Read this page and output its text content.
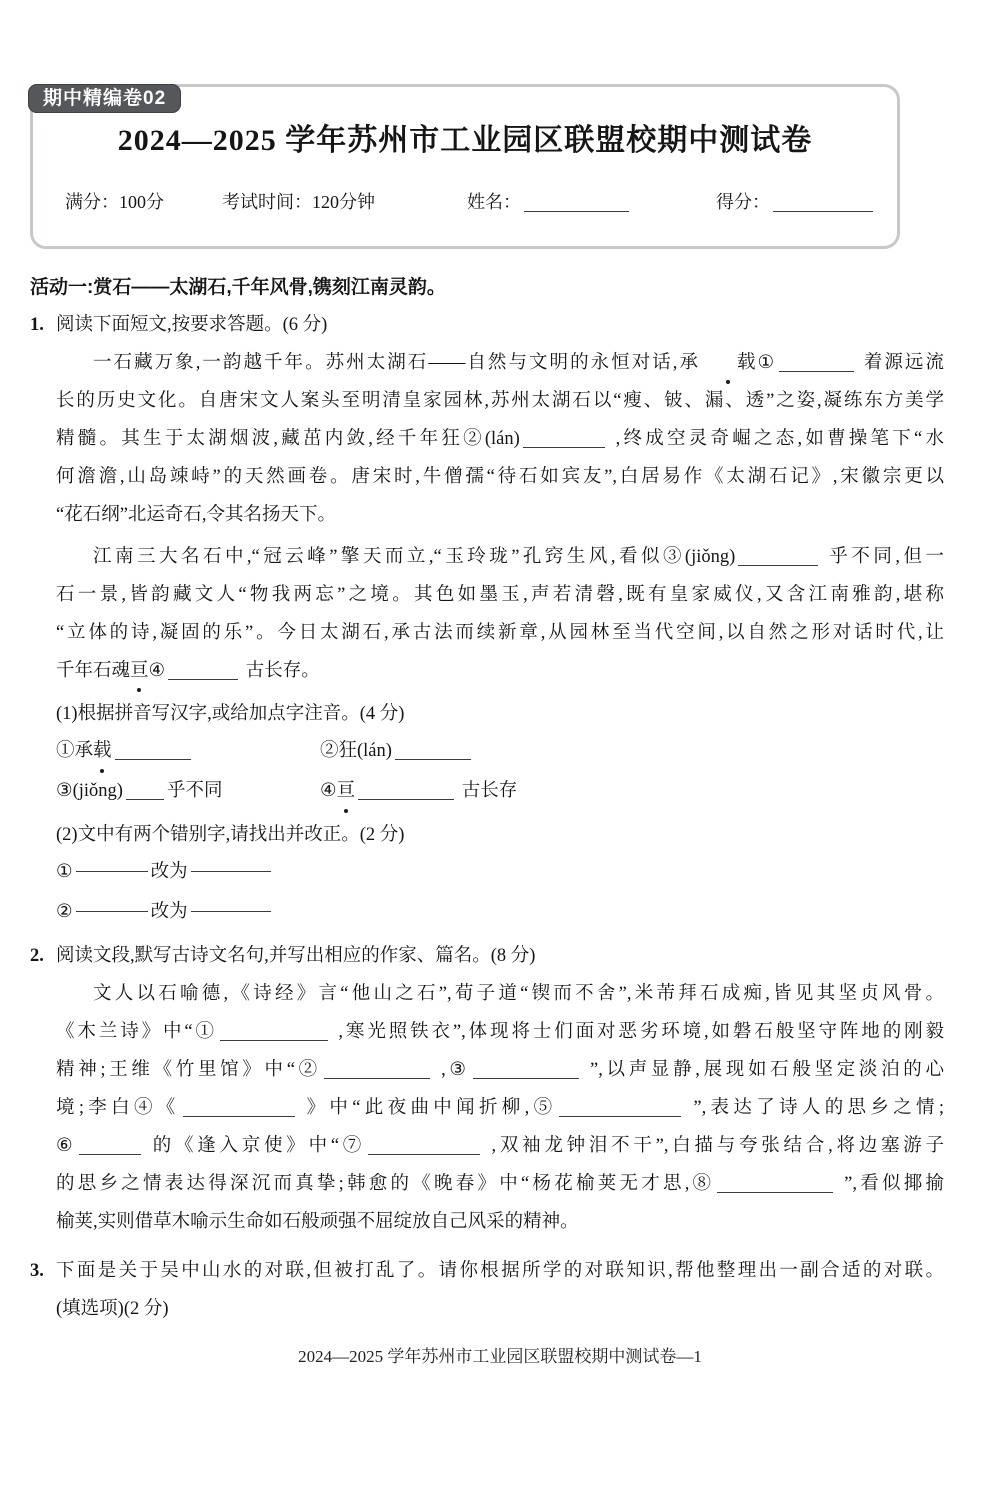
期中精编卷02
2024—2025 学年苏州市工业园区联盟校期中测试卷
满分：100分	考试时间：120分钟	姓名：	得分：
活动一:赏石——太湖石,千年风骨,镌刻江南灵韵。
1. 阅读下面短文,按要求答题。(6 分)
一石藏万象,一韵越千年。苏州太湖石——自然与文明的永恒对话,承 载①	着源远流
长的历史文化。自唐宋文人案头至明清皇家园林,苏州太湖石以“瘦、铍、漏、透”之姿,凝练东方美学
精髓。其生于太湖烟波,藏茁内敛,经千年狂②(lán)	,终成空灵奇崛之态,如曹操笔下“水
何澹澹,山岛竦峙”的天然画卷。唐宋时,牛僧孺“待石如宾友”,白居易作《太湖石记》,宋徽宗更以
“花石纲”北运奇石,令其名扬天下。
江南三大名石中,“冠云峰”擎天而立,“玉玲珑”孔窍生风,看似③(jiǒng)	乎不同,但一
石一景,皆韵藏文人“物我两忘”之境。其色如墨玉,声若清磬,既有皇家威仪,又含江南雅韵,堪称
“立体的诗,凝固的乐”。今日太湖石,承古法而续新章,从园林至当代空间,以自然之形对话时代,让
千年石魂亘④	古长存。
(1)根据拼音写汉字,或给加点字注音。(4 分)
①承载	②狂(lán)
③(jiǒng) 乎不同	④亘	古长存
(2)文中有两个错别字,请找出并改正。(2 分)
①	改为
②	改为
2. 阅读文段,默写古诗文名句,并写出相应的作家、篇名。(8 分)
文人以石喻德,《诗经》言“他山之石”,荀子道“锲而不舍”,米芾拜石成痴,皆见其坚贞风骨。
《木兰诗》中“①	,寒光照铁衣”,体现将士们面对恶劣环境,如磐石般坚守阵地的刚毅
精神;王维《竹里馆》中“②	,③	”,以声显静,展现如石般坚定淡泊的心
境;李白④《	》中“此夜曲中闻折柳,⑤	”,表达了诗人的思乡之情;
⑥	的《逢入京使》中“⑦	,双袖龙钟泪不干”,白描与夸张结合,将边塞游子
的思乡之情表达得深沉而真挚;韩愈的《晚春》中“杨花榆荚无才思,⑧	”,看似揶揄
榆荚,实则借草木喻示生命如石般顽强不屈绽放自己风采的精神。
3. 下面是关于吴中山水的对联,但被打乱了。请你根据所学的对联知识,帮他整理出一副合适的对联。
(填选项)(2 分)
2024—2025 学年苏州市工业园区联盟校期中测试卷—1
